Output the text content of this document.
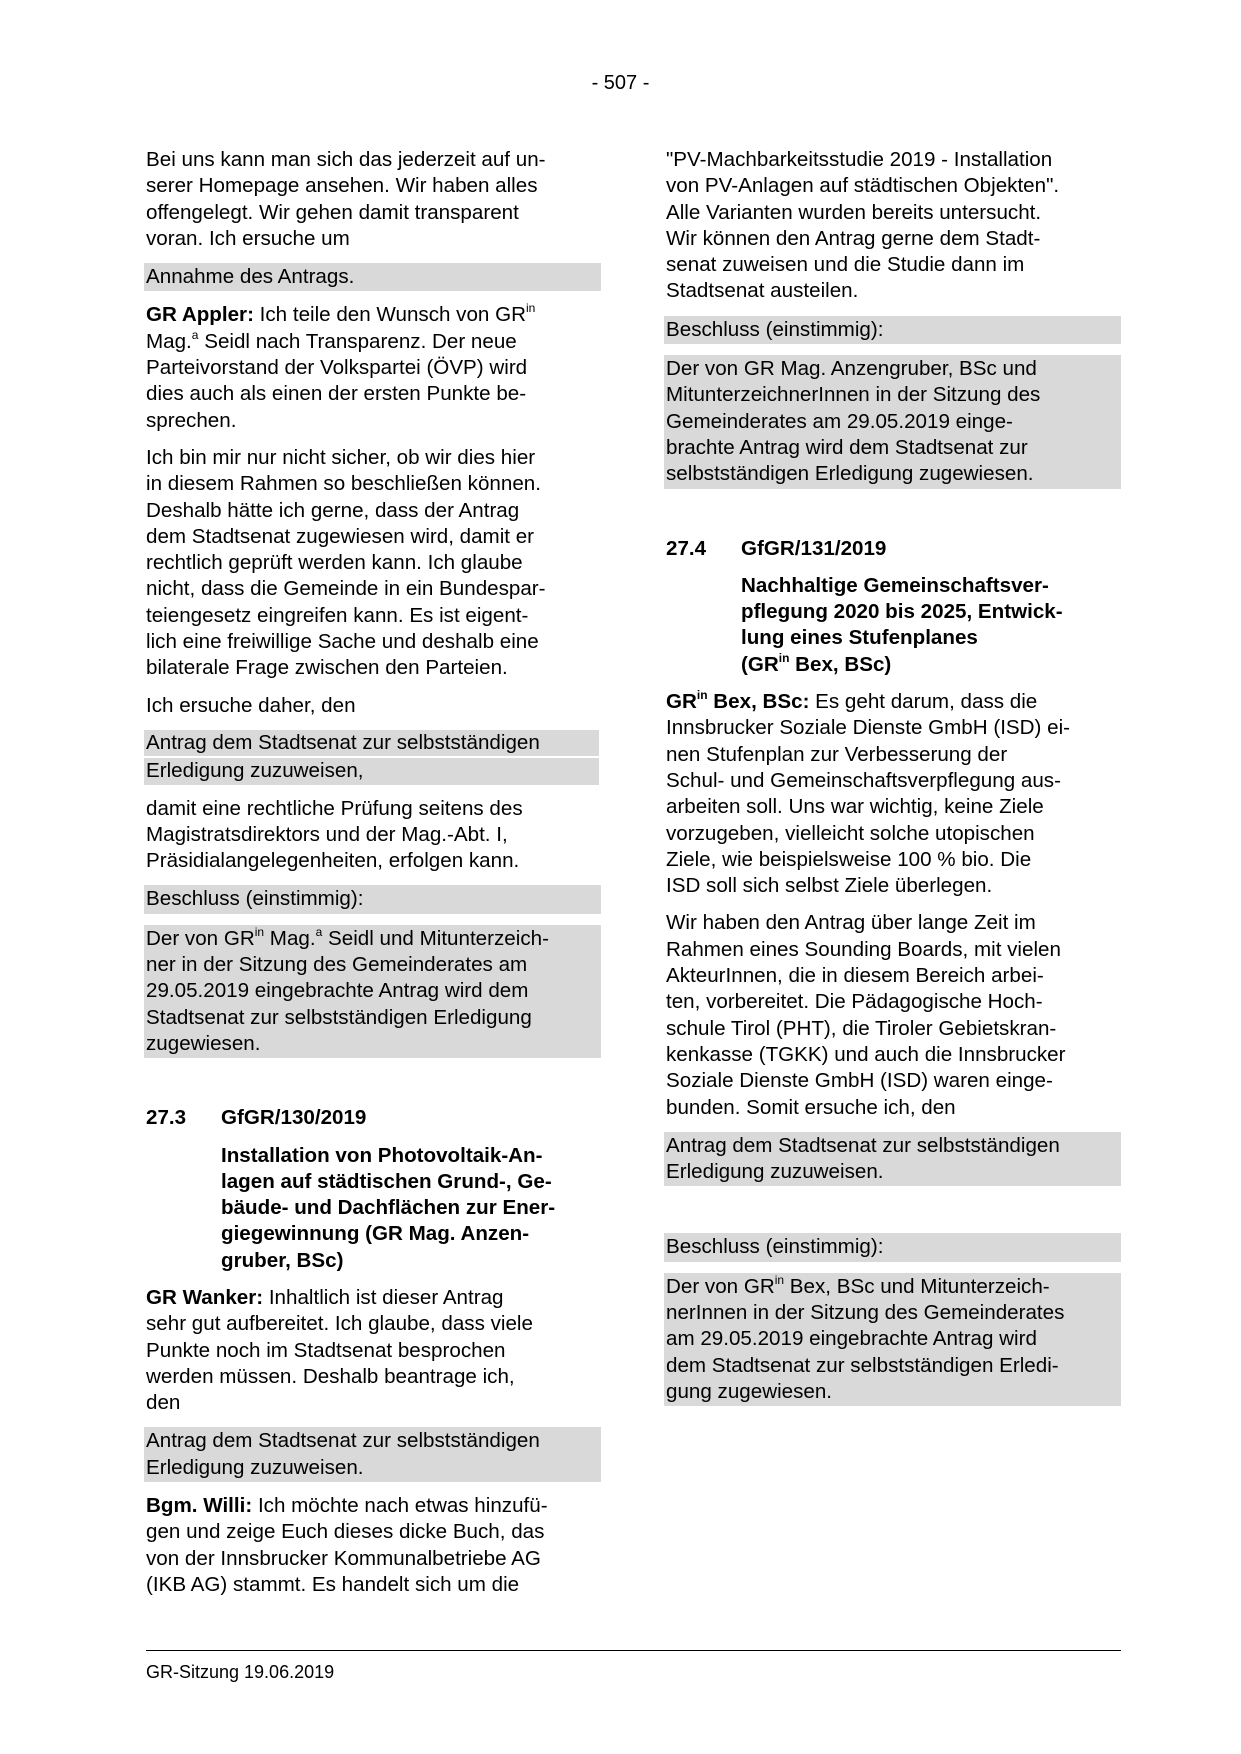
- 507 -

Bei uns kann man sich das jederzeit auf un-
serer Homepage ansehen. Wir haben alles
offengelegt. Wir gehen damit transparent
voran. Ich ersuche um

Annahme des Antrags.

GR Appler: Ich teile den Wunsch von $GR^{in}$
Mag.$^a$ Seidl nach Transparenz. Der neue
Parteivorstand der Volkspartei (ÖVP) wird
dies auch als einen der ersten Punkte be-
sprechen.

Ich bin mir nur nicht sicher, ob wir dies hier
in diesem Rahmen so beschließen können.
Deshalb hätte ich gerne, dass der Antrag
dem Stadtsenat zugewiesen wird, damit er
rechtlich geprüft werden kann. Ich glaube
nicht, dass die Gemeinde in ein Bundespar-
teiengesetz eingreifen kann. Es ist eigent-
lich eine freiwillige Sache und deshalb eine
bilaterale Frage zwischen den Parteien.

Ich ersuche daher, den

Antrag dem Stadtsenat zur selbstständigen
Erledigung zuzuweisen,

damit eine rechtliche Prüfung seitens des
Magistratsdirektors und der Mag.-Abt. I,
Präsidialangelegenheiten, erfolgen kann.

Beschluss (einstimmig):

Der von $GR^{in}$ Mag.$^a$ Seidl und Mitunterzeich-
ner in der Sitzung des Gemeinderates am
29.05.2019 eingebrachte Antrag wird dem
Stadtsenat zur selbstständigen Erledigung
zugewiesen.

27.3 GfGR/130/2019
Installation von Photovoltaik-An-
lagen auf städtischen Grund-, Ge-
bäude- und Dachflächen zur Ener-
giegewinnung (GR Mag. Anzen-
gruber, BSc)

GR Wanker: Inhaltlich ist dieser Antrag
sehr gut aufbereitet. Ich glaube, dass viele
Punkte noch im Stadtsenat besprochen
werden müssen. Deshalb beantrage ich,
den

Antrag dem Stadtsenat zur selbstständigen
Erledigung zuzuweisen.

Bgm. Willi: Ich möchte nach etwas hinzufü-
gen und zeige Euch dieses dicke Buch, das
von der Innsbrucker Kommunalbetriebe AG
(IKB AG) stammt. Es handelt sich um die

"PV-Machbarkeitsstudie 2019 - Installation
von PV-Anlagen auf städtischen Objekten".
Alle Varianten wurden bereits untersucht.
Wir können den Antrag gerne dem Stadt-
senat zuweisen und die Studie dann im
Stadtsenat austeilen.

Beschluss (einstimmig):

Der von GR Mag. Anzengruber, BSc und
MitunterzeichnerInnen in der Sitzung des
Gemeinderates am 29.05.2019 einge-
brachte Antrag wird dem Stadtsenat zur
selbstständigen Erledigung zugewiesen.

27.4 GfGR/131/2019
Nachhaltige Gemeinschaftsver-
pflegung 2020 bis 2025, Entwick-
lung eines Stufenplanes
($GR^{in}$ Bex, BSc)

$GR^{in}$ Bex, BSc: Es geht darum, dass die
Innsbrucker Soziale Dienste GmbH (ISD) ei-
nen Stufenplan zur Verbesserung der
Schul- und Gemeinschaftsverpflegung aus-
arbeiten soll. Uns war wichtig, keine Ziele
vorzugeben, vielleicht solche utopischen
Ziele, wie beispielsweise 100 % bio. Die
ISD soll sich selbst Ziele überlegen.

Wir haben den Antrag über lange Zeit im
Rahmen eines Sounding Boards, mit vielen
AkteurInnen, die in diesem Bereich arbei-
ten, vorbereitet. Die Pädagogische Hoch-
schule Tirol (PHT), die Tiroler Gebietskran-
kenkasse (TGKK) und auch die Innsbrucker
Soziale Dienste GmbH (ISD) waren einge-
bunden. Somit ersuche ich, den

Antrag dem Stadtsenat zur selbstständigen
Erledigung zuzuweisen.

Beschluss (einstimmig):

Der von $GR^{in}$ Bex, BSc und Mitunterzeich-
nerInnen in der Sitzung des Gemeinderates
am 29.05.2019 eingebrachte Antrag wird
dem Stadtsenat zur selbstständigen Erledi-
gung zugewiesen.

GR-Sitzung 19.06.2019
